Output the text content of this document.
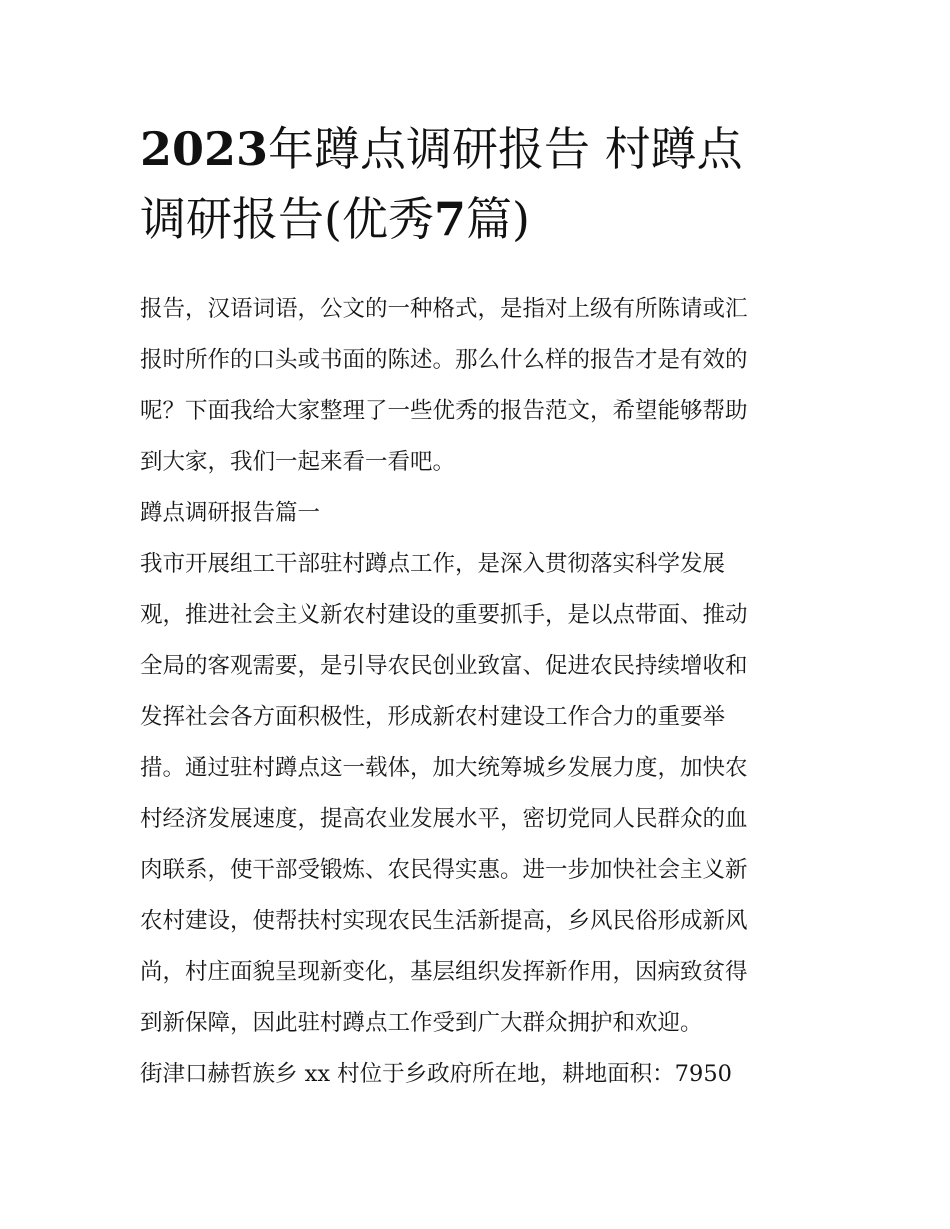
2023年蹲点调研报告 村蹲点
调研报告(优秀7篇)

报告，汉语词语，公文的一种格式，是指对上级有所陈请或汇
报时所作的口头或书面的陈述。那么什么样的报告才是有效的
呢？下面我给大家整理了一些优秀的报告范文，希望能够帮助
到大家，我们一起来看一看吧。

蹲点调研报告篇一

我市开展组工干部驻村蹲点工作，是深入贯彻落实科学发展
观，推进社会主义新农村建设的重要抓手，是以点带面、推动
全局的客观需要，是引导农民创业致富、促进农民持续增收和
发挥社会各方面积极性，形成新农村建设工作合力的重要举
措。通过驻村蹲点这一载体，加大统筹城乡发展力度，加快农
村经济发展速度，提高农业发展水平，密切党同人民群众的血
肉联系，使干部受锻炼、农民得实惠。进一步加快社会主义新
农村建设，使帮扶村实现农民生活新提高，乡风民俗形成新风
尚，村庄面貌呈现新变化，基层组织发挥新作用，因病致贫得
到新保障，因此驻村蹲点工作受到广大群众拥护和欢迎。

街津口赫哲族乡 xx 村位于乡政府所在地，耕地面积：7950
